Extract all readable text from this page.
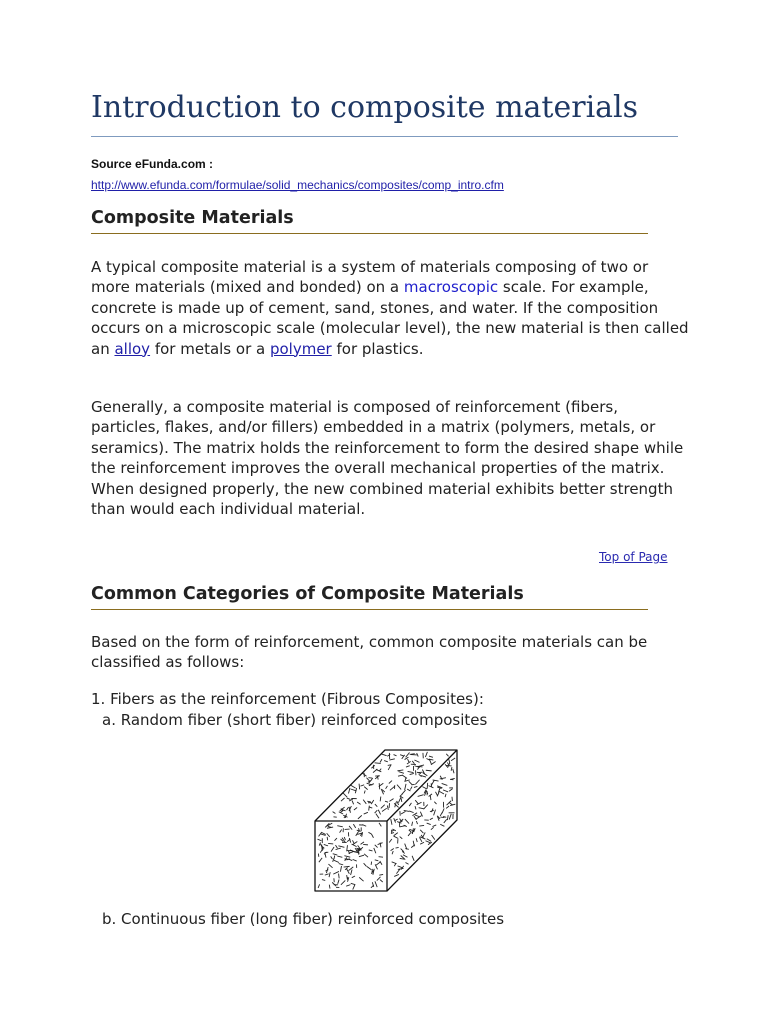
Introduction to composite materials
Source eFunda.com :
http://www.efunda.com/formulae/solid_mechanics/composites/comp_intro.cfm
Composite Materials

A typical composite material is a system of materials composing of two or more materials (mixed and bonded) on a macroscopic scale. For example, concrete is made up of cement, sand, stones, and water. If the composition occurs on a microscopic scale (molecular level), the new material is then called an alloy for metals or a polymer for plastics.

Generally, a composite material is composed of reinforcement (fibers, particles, flakes, and/or fillers) embedded in a matrix (polymers, metals, or seramics). The matrix holds the reinforcement to form the desired shape while the reinforcement improves the overall mechanical properties of the matrix. When designed properly, the new combined material exhibits better strength than would each individual material.

Top of Page
Common Categories of Composite Materials

Based on the form of reinforcement, common composite materials can be classified as follows:

1. Fibers as the reinforcement (Fibrous Composites):

a. Random fiber (short fiber) reinforced composites

b. Continuous fiber (long fiber) reinforced composites
